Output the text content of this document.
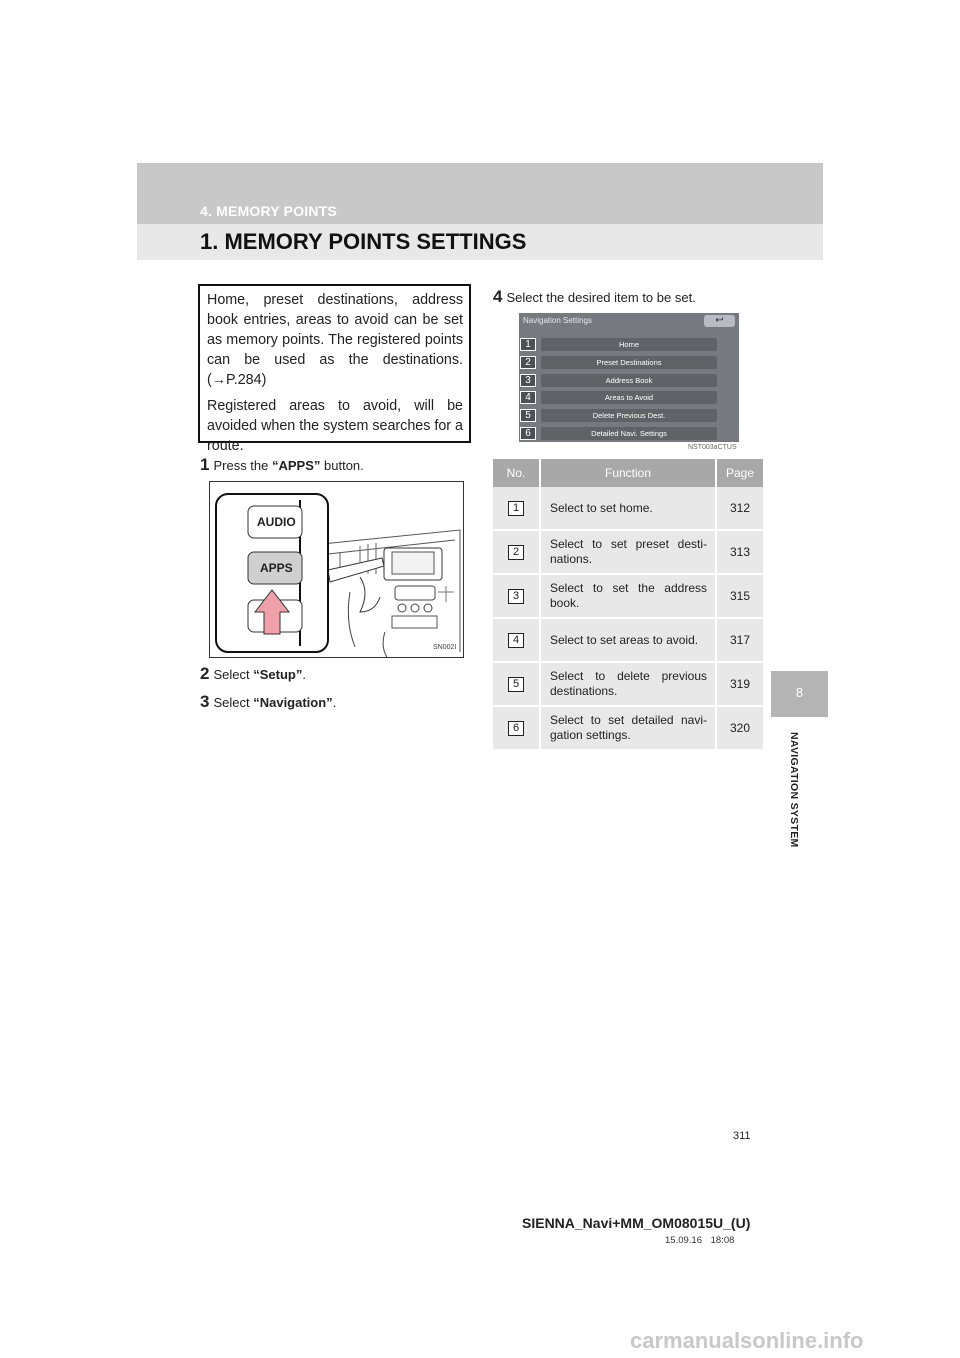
4. MEMORY POINTS
1. MEMORY POINTS SETTINGS
8
NAVIGATION SYSTEM

Home, preset destinations, address book entries, areas to avoid can be set as memory points. The registered points can be used as the destinations. (→P.284)

Registered areas to avoid, will be avoided when the system searches for a route.

1 Press the “APPS” button.
2 Select “Setup”.
3 Select “Navigation”.
4 Select the desired item to be set.
AUDIO
APPS
SN002I
Navigation Settings	↩
1	Home
2	Preset Destinations
3	Address Book
4	Areas to Avoid
5	Delete Previous Dest.
6	Detailed Navi. Settings
NST003aCTUS
No.	Function	Page
1	Select to set home.	312
2	Select to set preset desti-nations.	313
3	Select to set the address book.	315
4	Select to set areas to avoid.	317
5	Select to delete previous destinations.	319
6	Select to set detailed navi-gation settings.	320
311
SIENNA_Navi+MM_OM08015U_(U)
15.09.16 18:08
carmanualsonline.info
